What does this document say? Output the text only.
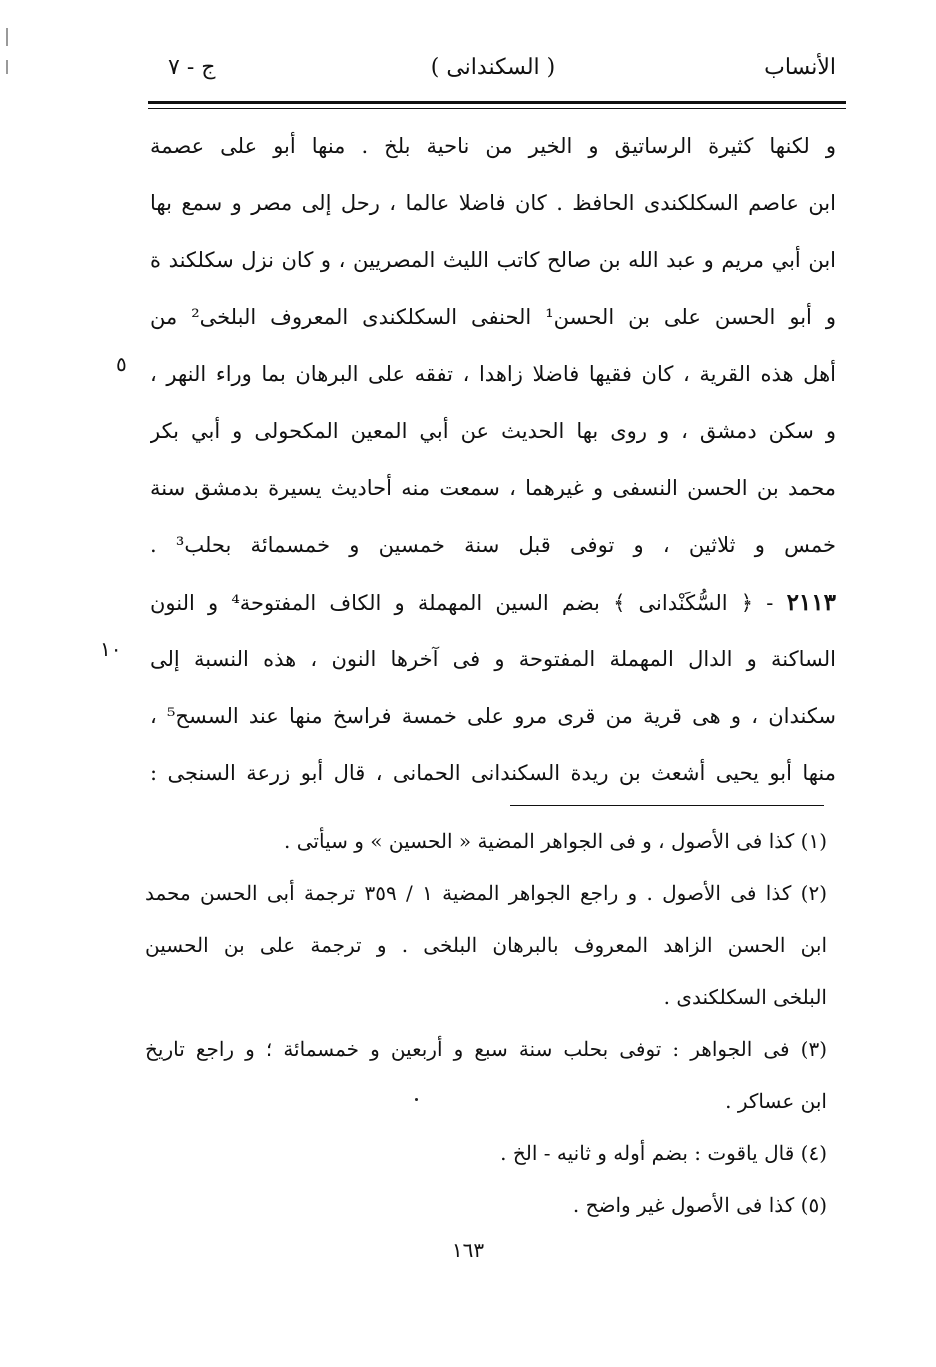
الأنساب
( السكندانى )
ج - ٧
و لكنها كثيرة الرساتيق و الخير من ناحية بلخ . منها أبو على عصمة
ابن عاصم السكلكندى الحافظ . كان فاضلا عالما ، رحل إلى مصر و سمع بها
ابن أبي مريم و عبد الله بن صالح كاتب الليث المصريين ، و كان نزل سكلكند ة
و أبو الحسن على بن الحسن¹ الحنفى السكلكندى المعروف البلخى² من
أهل هذه القرية ، كان فقيها فاضلا زاهدا ، تفقه على البرهان بما وراء النهر ،
و سكن دمشق ، و روى بها الحديث عن أبي المعين المكحولى و أبي بكر
محمد بن الحسن النسفى و غيرهما ، سمعت منه أحاديث يسيرة بدمشق سنة
خمس و ثلاثين ، و توفى قبل سنة خمسين و خمسمائة بحلب³ .
٢١١٣ - ﴿ السُّكَنْدانى ﴾ بضم السين المهملة و الكاف المفتوحة⁴ و النون
الساكنة و الدال المهملة المفتوحة و فى آخرها النون ، هذه النسبة إلى
سكندان ، و هى قرية من قرى مرو على خمسة فراسخ منها عند السسح⁵ ،
منها أبو يحيى أشعث بن ريدة السكندانى الحمانى ، قال أبو زرعة السنجى :
٥
١٠
(١) كذا فى الأصول ، و فى الجواهر المضية « الحسين » و سيأتى .
(٢) كذا فى الأصول . و راجع الجواهر المضية ١ / ٣٥٩ ترجمة أبى الحسن محمد
ابن الحسن الزاهد المعروف بالبرهان البلخى . و ترجمة على بن الحسين
البلخى السكلكندى .
(٣) فى الجواهر : توفى بحلب سنة سبع و أربعين و خمسمائة ؛ و راجع تاريخ
ابن عساكر .
(٤) قال ياقوت : بضم أوله و ثانيه - الخ .
(٥) كذا فى الأصول غير واضح .
١٦٣
